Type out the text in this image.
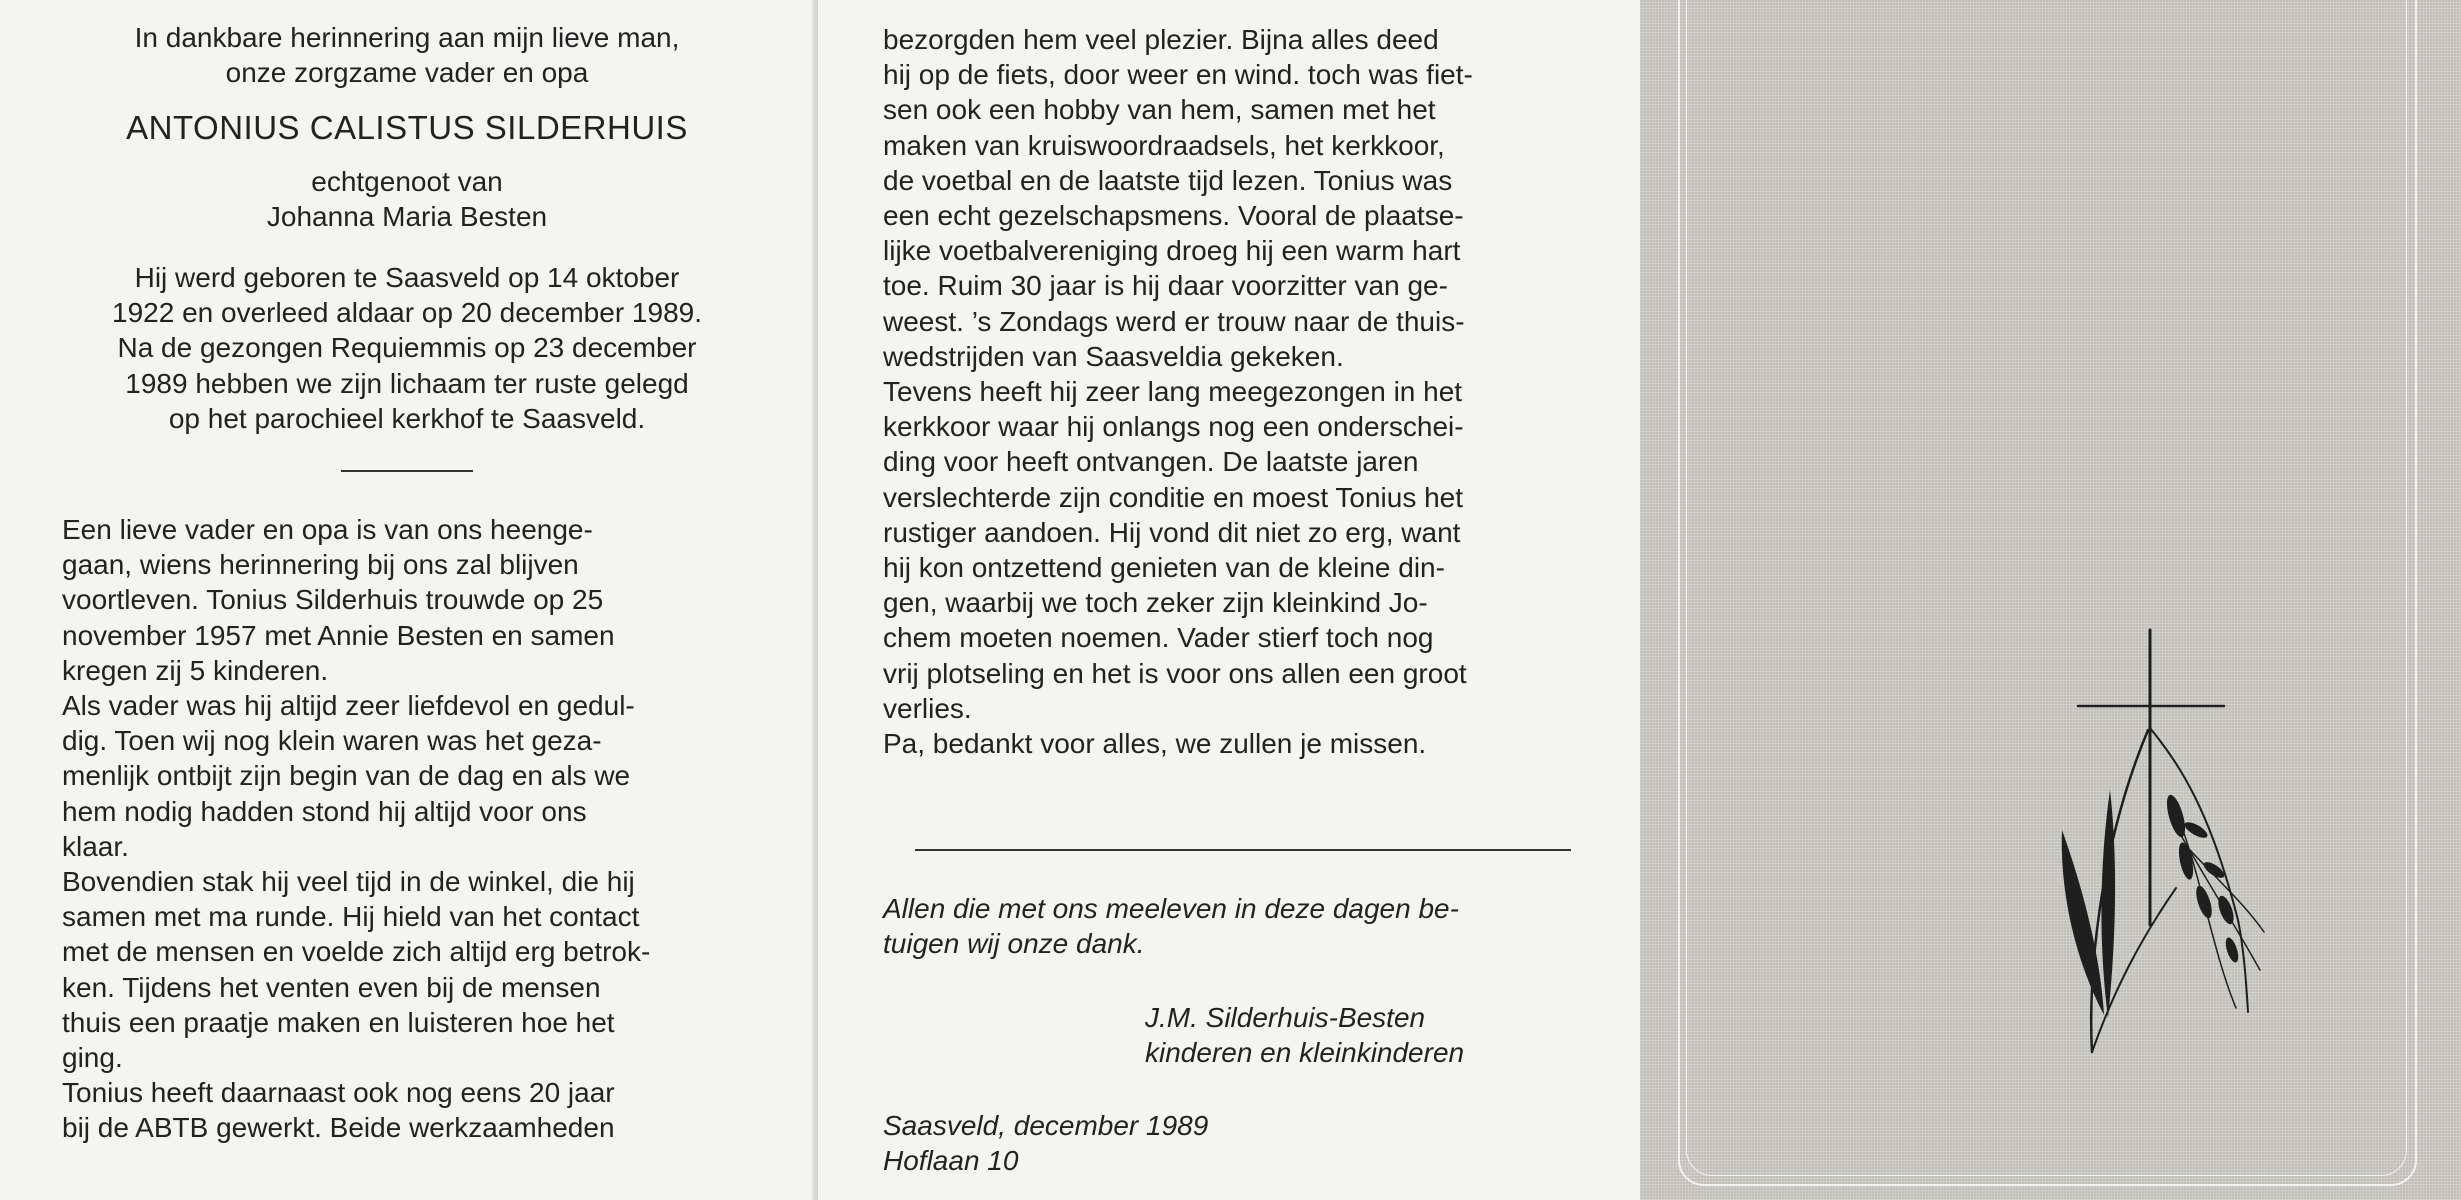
In dankbare herinnering aan mijn lieve man,

onze zorgzame vader en opa

ANTONIUS CALISTUS SILDERHUIS

echtgenoot van

Johanna Maria Besten

Hij werd geboren te Saasveld op 14 oktober

1922 en overleed aldaar op 20 december 1989.

Na de gezongen Requiemmis op 23 december

1989 hebben we zijn lichaam ter ruste gelegd

op het parochieel kerkhof te Saasveld.

Een lieve vader en opa is van ons heenge-

gaan, wiens herinnering bij ons zal blijven

voortleven. Tonius Silderhuis trouwde op 25

november 1957 met Annie Besten en samen

kregen zij 5 kinderen.

Als vader was hij altijd zeer liefdevol en gedul-

dig. Toen wij nog klein waren was het geza-

menlijk ontbijt zijn begin van de dag en als we

hem nodig hadden stond hij altijd voor ons

klaar.

Bovendien stak hij veel tijd in de winkel, die hij

samen met ma runde. Hij hield van het contact

met de mensen en voelde zich altijd erg betrok-

ken. Tijdens het venten even bij de mensen

thuis een praatje maken en luisteren hoe het

ging.

Tonius heeft daarnaast ook nog eens 20 jaar

bij de ABTB gewerkt. Beide werkzaamheden

bezorgden hem veel plezier. Bijna alles deed

hij op de fiets, door weer en wind. toch was fiet-

sen ook een hobby van hem, samen met het

maken van kruiswoordraadsels, het kerkkoor,

de voetbal en de laatste tijd lezen. Tonius was

een echt gezelschapsmens. Vooral de plaatse-

lijke voetbalvereniging droeg hij een warm hart

toe. Ruim 30 jaar is hij daar voorzitter van ge-

weest. ’s Zondags werd er trouw naar de thuis-

wedstrijden van Saasveldia gekeken.

Tevens heeft hij zeer lang meegezongen in het

kerkkoor waar hij onlangs nog een onderschei-

ding voor heeft ontvangen. De laatste jaren

verslechterde zijn conditie en moest Tonius het

rustiger aandoen. Hij vond dit niet zo erg, want

hij kon ontzettend genieten van de kleine din-

gen, waarbij we toch zeker zijn kleinkind Jo-

chem moeten noemen. Vader stierf toch nog

vrij plotseling en het is voor ons allen een groot

verlies.

Pa, bedankt voor alles, we zullen je missen.

Allen die met ons meeleven in deze dagen be-

tuigen wij onze dank.

J.M. Silderhuis-Besten

kinderen en kleinkinderen

Saasveld, december 1989

Hoflaan 10
